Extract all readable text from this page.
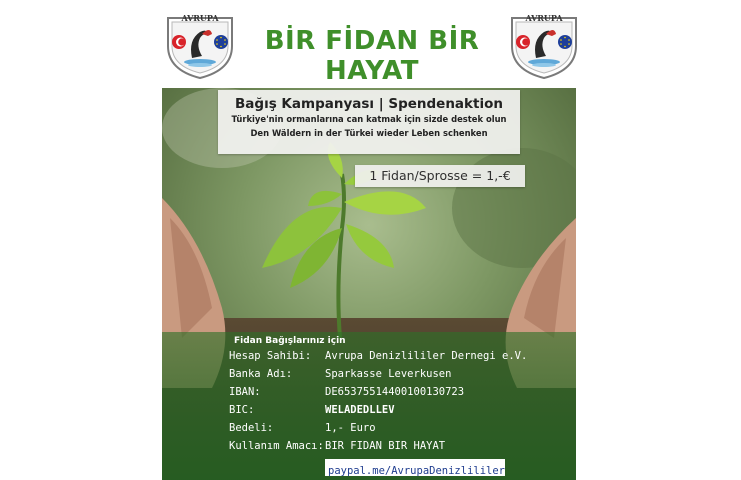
AVRUPA	AVRUPA
BİR FİDAN BİR HAYAT
Bağış Kampanyası | Spendenaktion
Türkiye'nin ormanlarına can katmak için sizde destek olun
Den Wäldern in der Türkei wieder Leben schenken
1 Fidan/Sprosse = 1,-€
Fidan Bağışlarınız için
Hesap Sahibi: Avrupa Denizlililer Dernegi e.V.
Banka Adı:	Sparkasse Leverkusen
IBAN:	DE65375514400100130723
BIC:	WELADEDLLEV
Bedeli:	1,- Euro
Kullanım Amacı: BIR FIDAN BIR HAYAT
paypal.me/AvrupaDenizlililer
